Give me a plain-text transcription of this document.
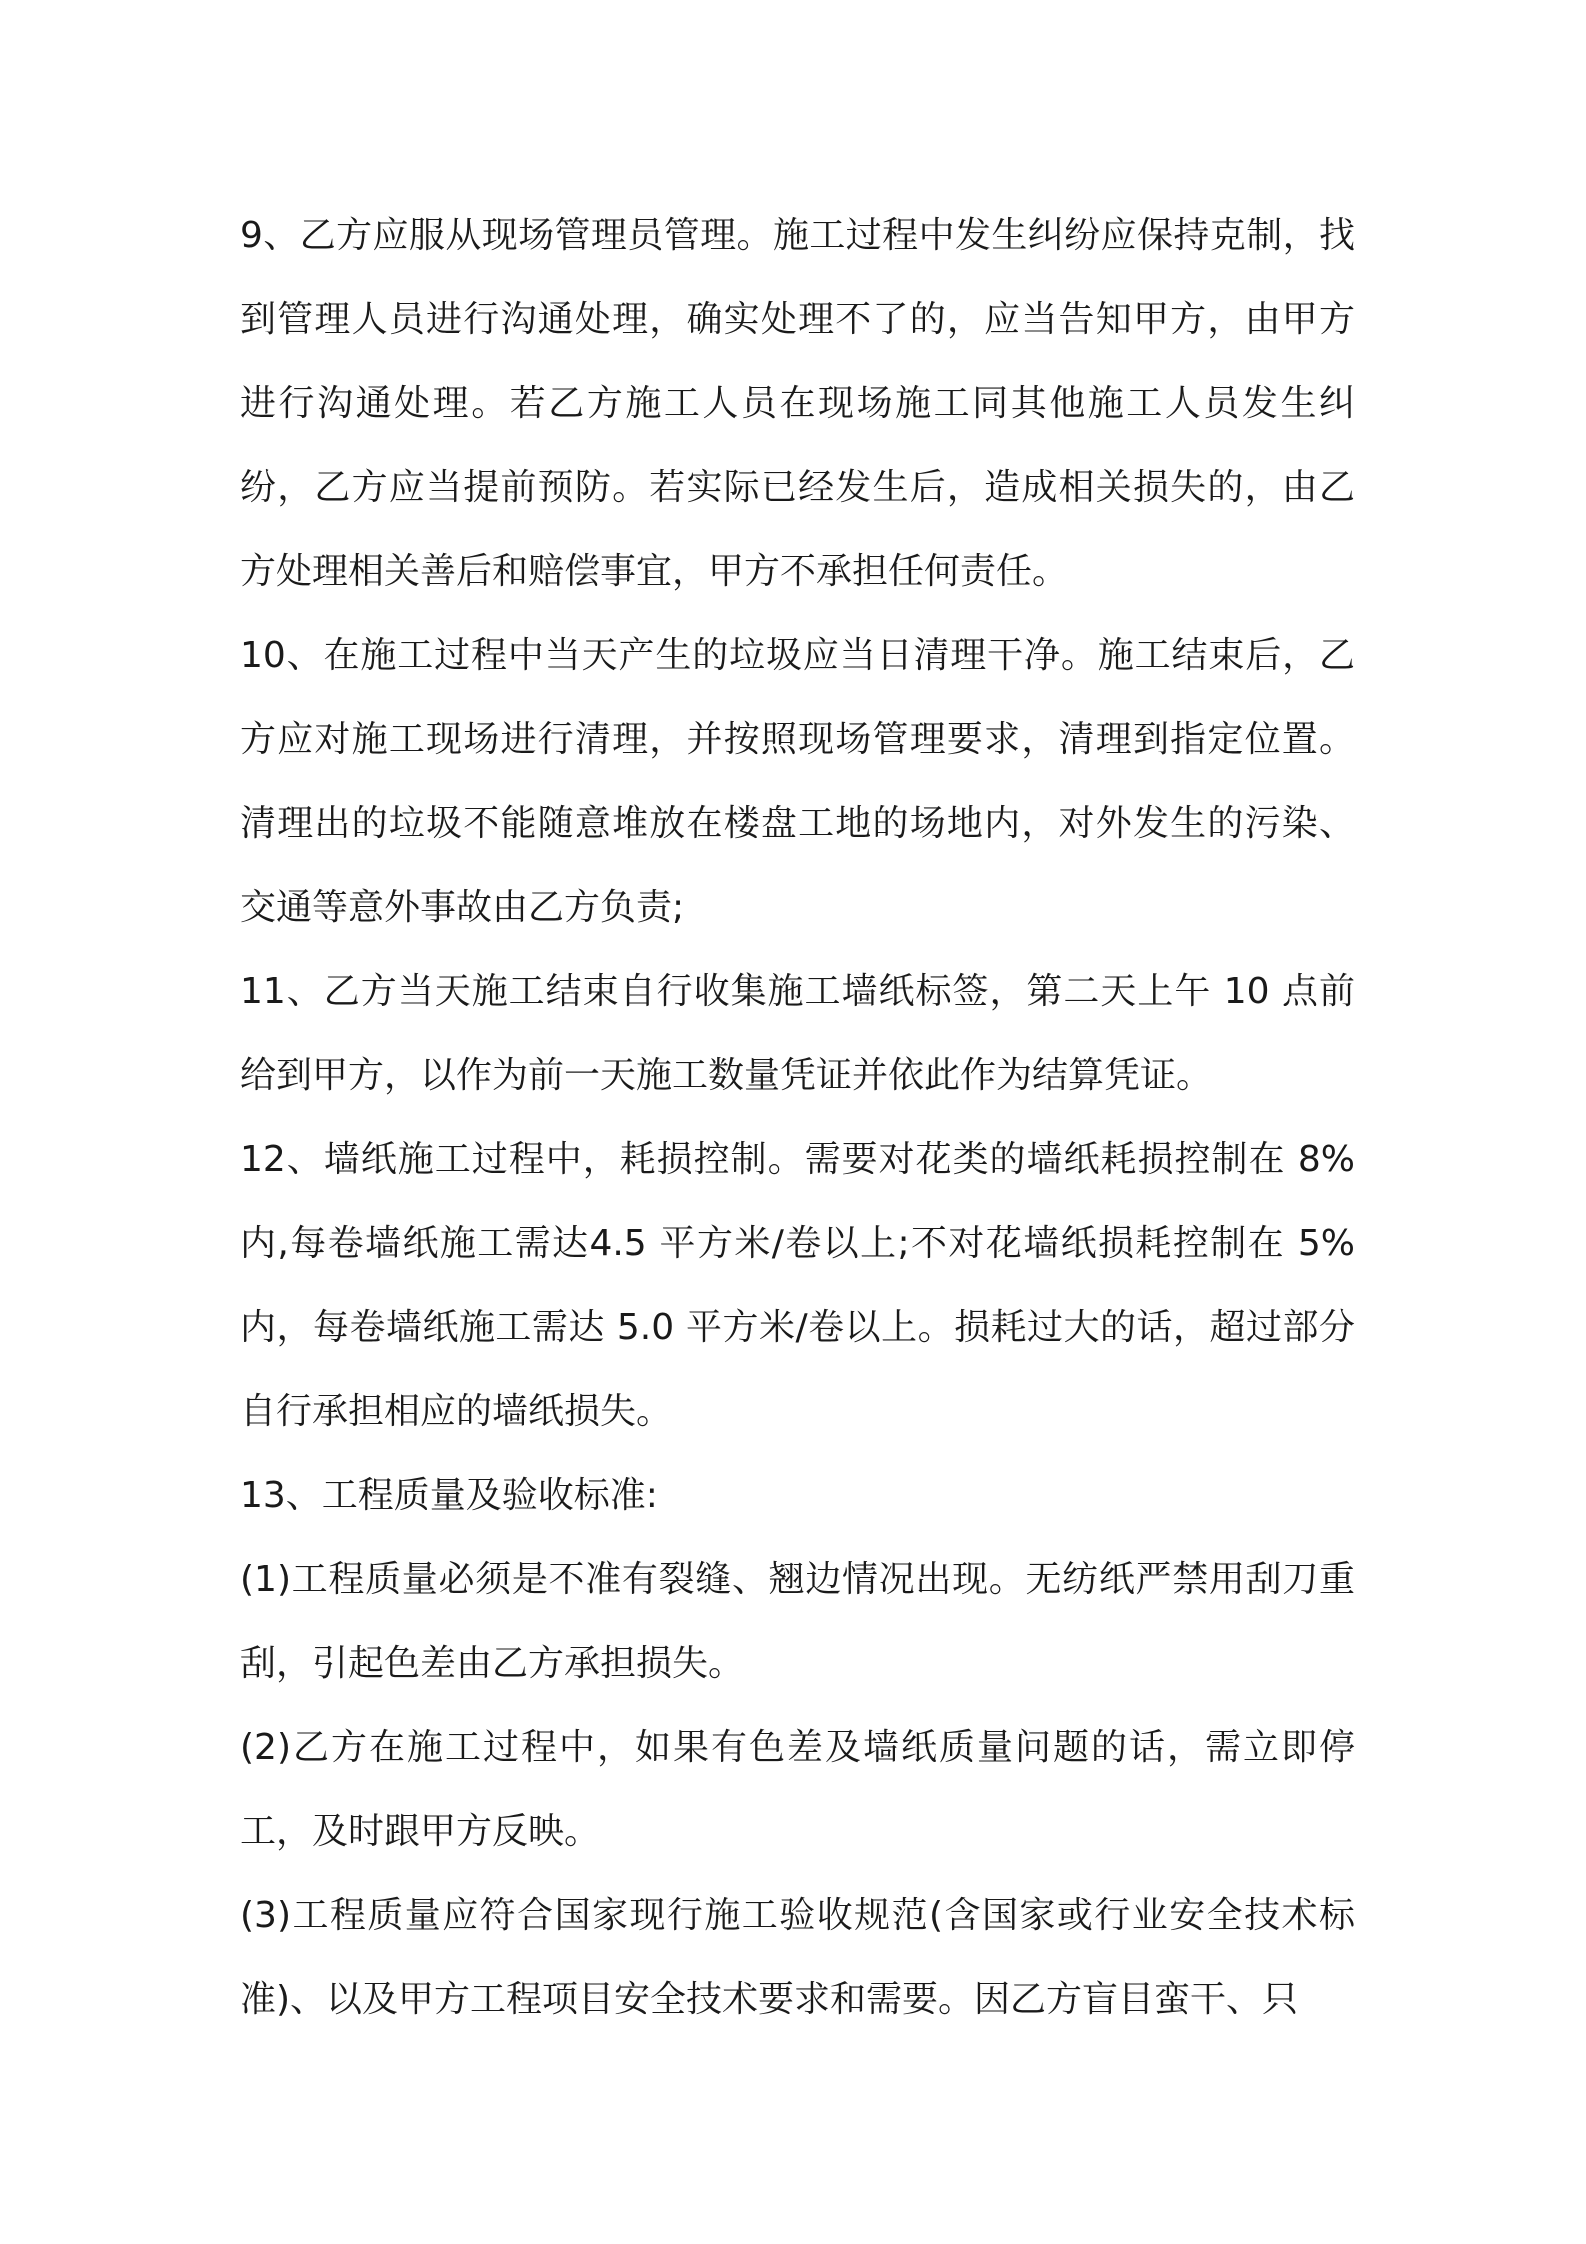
9、乙方应服从现场管理员管理。施工过程中发生纠纷应保持克制，找到管理人员进行沟通处理，确实处理不了的，应当告知甲方，由甲方进行沟通处理。若乙方施工人员在现场施工同其他施工人员发生纠纷，乙方应当提前预防。若实际已经发生后，造成相关损失的，由乙方处理相关善后和赔偿事宜，甲方不承担任何责任。

10、在施工过程中当天产生的垃圾应当日清理干净。施工结束后，乙方应对施工现场进行清理，并按照现场管理要求，清理到指定位置。清理出的垃圾不能随意堆放在楼盘工地的场地内，对外发生的污染、交通等意外事故由乙方负责;

11、乙方当天施工结束自行收集施工墙纸标签，第二天上午 10 点前给到甲方，以作为前一天施工数量凭证并依此作为结算凭证。

12、墙纸施工过程中，耗损控制。需要对花类的墙纸耗损控制在 8%内,每卷墙纸施工需达4.5 平方米/卷以上;不对花墙纸损耗控制在 5%内，每卷墙纸施工需达 5.0 平方米/卷以上。损耗过大的话，超过部分自行承担相应的墙纸损失。

13、工程质量及验收标准:

(1)工程质量必须是不准有裂缝、翘边情况出现。无纺纸严禁用刮刀重刮，引起色差由乙方承担损失。

(2)乙方在施工过程中，如果有色差及墙纸质量问题的话，需立即停工，及时跟甲方反映。

(3)工程质量应符合国家现行施工验收规范(含国家或行业安全技术标准)、以及甲方工程项目安全技术要求和需要。因乙方盲目蛮干、只
